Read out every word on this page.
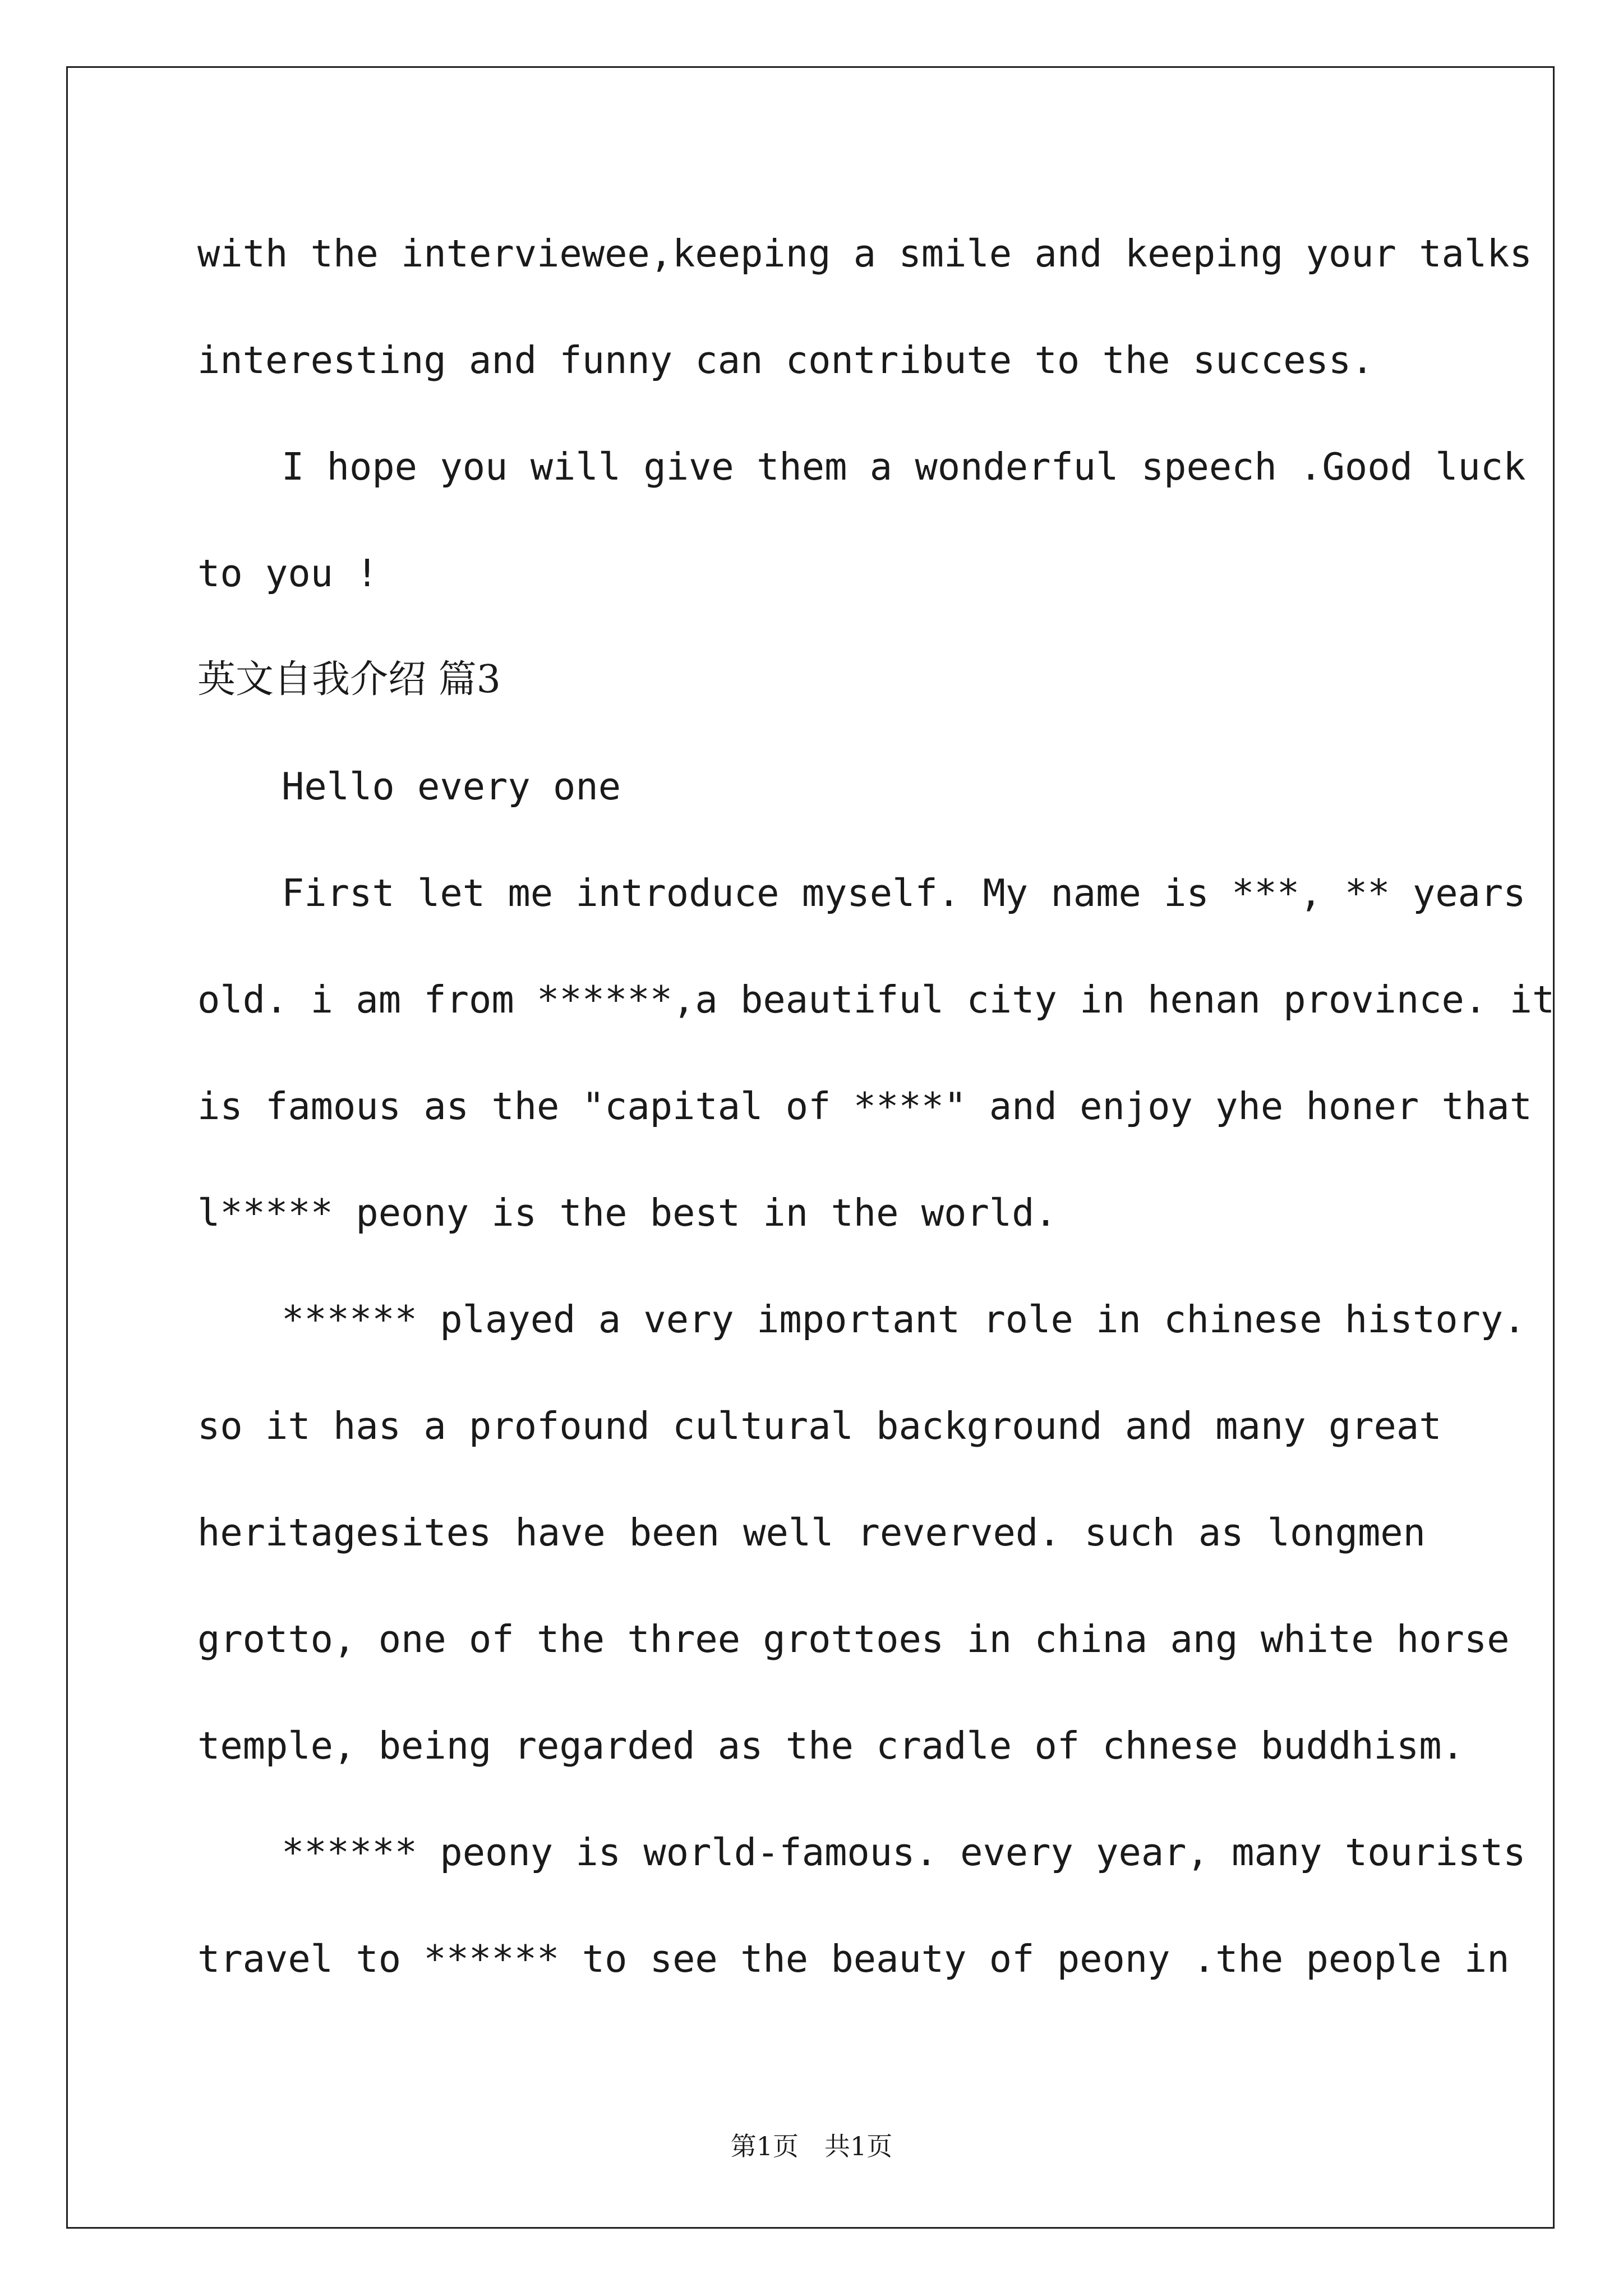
with the interviewee,keeping a smile and keeping your talks
interesting and funny can contribute to the success.
I hope you will give them a wonderful speech .Good luck
to you !
英文自我介绍 篇3
Hello every one
First let me introduce myself. My name is ***, ** years
old. i am from ******,a beautiful city in henan province. it
is famous as the "capital of ****" and enjoy yhe honer that
l***** peony is the best in the world.
****** played a very important role in chinese history.
so it has a profound cultural background and many great
heritagesites have been well reverved. such as longmen
grotto, one of the three grottoes in china ang white horse
temple, being regarded as the cradle of chnese buddhism.
****** peony is world-famous. every year, many tourists
travel to ****** to see the beauty of peony .the people in
第1页　共1页
